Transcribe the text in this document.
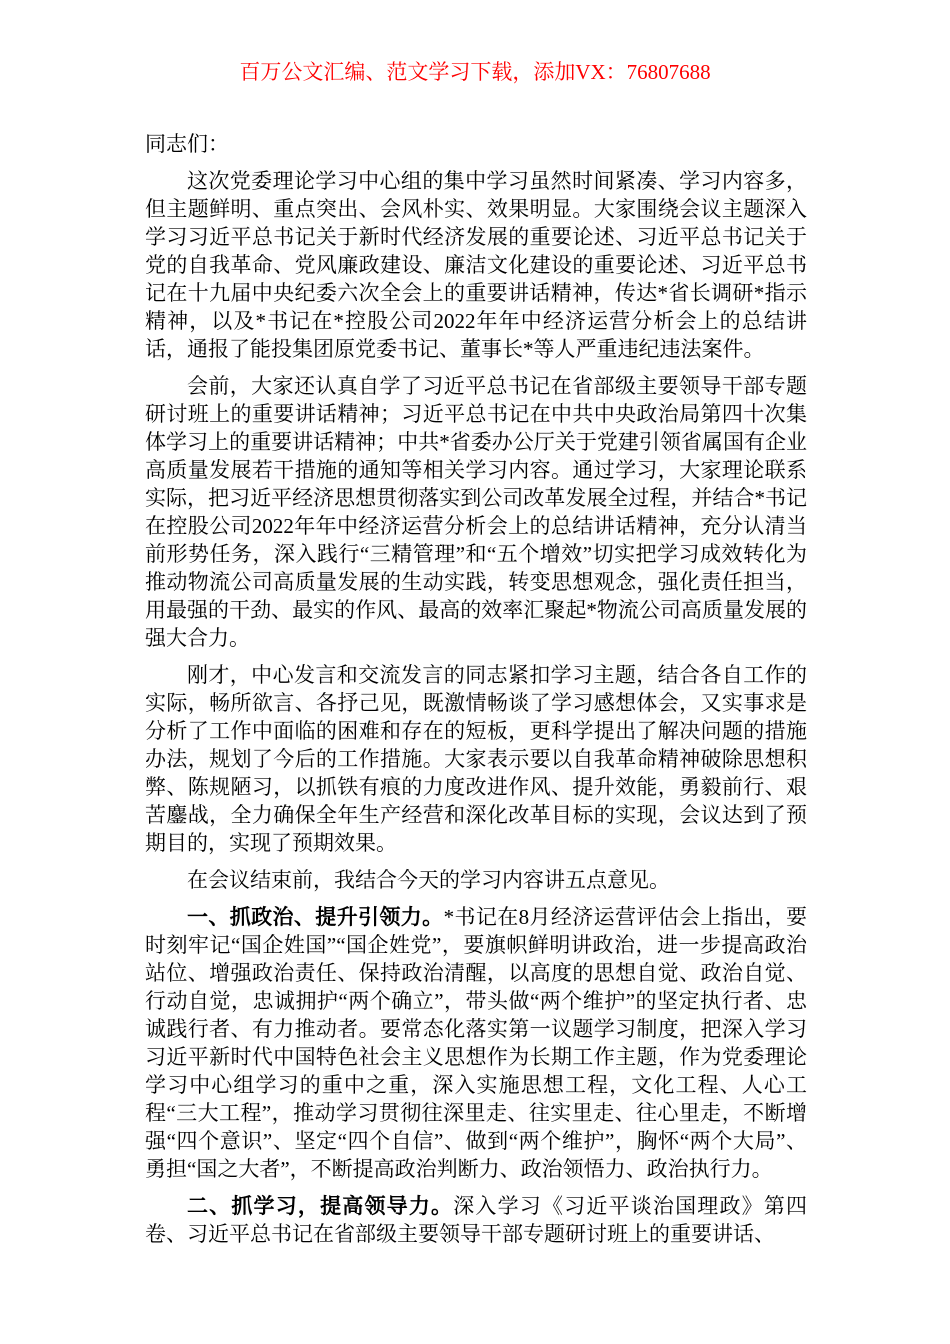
百万公文汇编、范文学习下载，添加VX：76807688

同志们：

这次党委理论学习中心组的集中学习虽然时间紧凑、学习内容多，但主题鲜明、重点突出、会风朴实、效果明显。大家围绕会议主题深入学习习近平总书记关于新时代经济发展的重要论述、习近平总书记关于党的自我革命、党风廉政建设、廉洁文化建设的重要论述、习近平总书记在十九届中央纪委六次全会上的重要讲话精神，传达*省长调研*指示精神，以及*书记在*控股公司2022年年中经济运营分析会上的总结讲话，通报了能投集团原党委书记、董事长*等人严重违纪违法案件。

会前，大家还认真自学了习近平总书记在省部级主要领导干部专题研讨班上的重要讲话精神；习近平总书记在中共中央政治局第四十次集体学习上的重要讲话精神；中共*省委办公厅关于党建引领省属国有企业高质量发展若干措施的通知等相关学习内容。通过学习，大家理论联系实际，把习近平经济思想贯彻落实到公司改革发展全过程，并结合*书记在控股公司2022年年中经济运营分析会上的总结讲话精神，充分认清当前形势任务，深入践行“三精管理”和“五个增效”切实把学习成效转化为推动物流公司高质量发展的生动实践，转变思想观念，强化责任担当，用最强的干劲、最实的作风、最高的效率汇聚起*物流公司高质量发展的强大合力。

刚才，中心发言和交流发言的同志紧扣学习主题，结合各自工作的实际，畅所欲言、各抒己见，既激情畅谈了学习感想体会，又实事求是分析了工作中面临的困难和存在的短板，更科学提出了解决问题的措施办法，规划了今后的工作措施。大家表示要以自我革命精神破除思想积弊、陈规陋习，以抓铁有痕的力度改进作风、提升效能，勇毅前行、艰苦鏖战，全力确保全年生产经营和深化改革目标的实现，会议达到了预期目的，实现了预期效果。

在会议结束前，我结合今天的学习内容讲五点意见。

一、抓政治、提升引领力。*书记在8月经济运营评估会上指出，要时刻牢记“国企姓国”“国企姓党”，要旗帜鲜明讲政治，进一步提高政治站位、增强政治责任、保持政治清醒，以高度的思想自觉、政治自觉、行动自觉，忠诚拥护“两个确立”，带头做“两个维护”的坚定执行者、忠诚践行者、有力推动者。要常态化落实第一议题学习制度，把深入学习习近平新时代中国特色社会主义思想作为长期工作主题，作为党委理论学习中心组学习的重中之重，深入实施思想工程，文化工程、人心工程“三大工程”，推动学习贯彻往深里走、往实里走、往心里走，不断增强“四个意识”、坚定“四个自信”、做到“两个维护”，胸怀“两个大局”、勇担“国之大者”，不断提高政治判断力、政治领悟力、政治执行力。

二、抓学习，提高领导力。深入学习《习近平谈治国理政》第四卷、习近平总书记在省部级主要领导干部专题研讨班上的重要讲话、
